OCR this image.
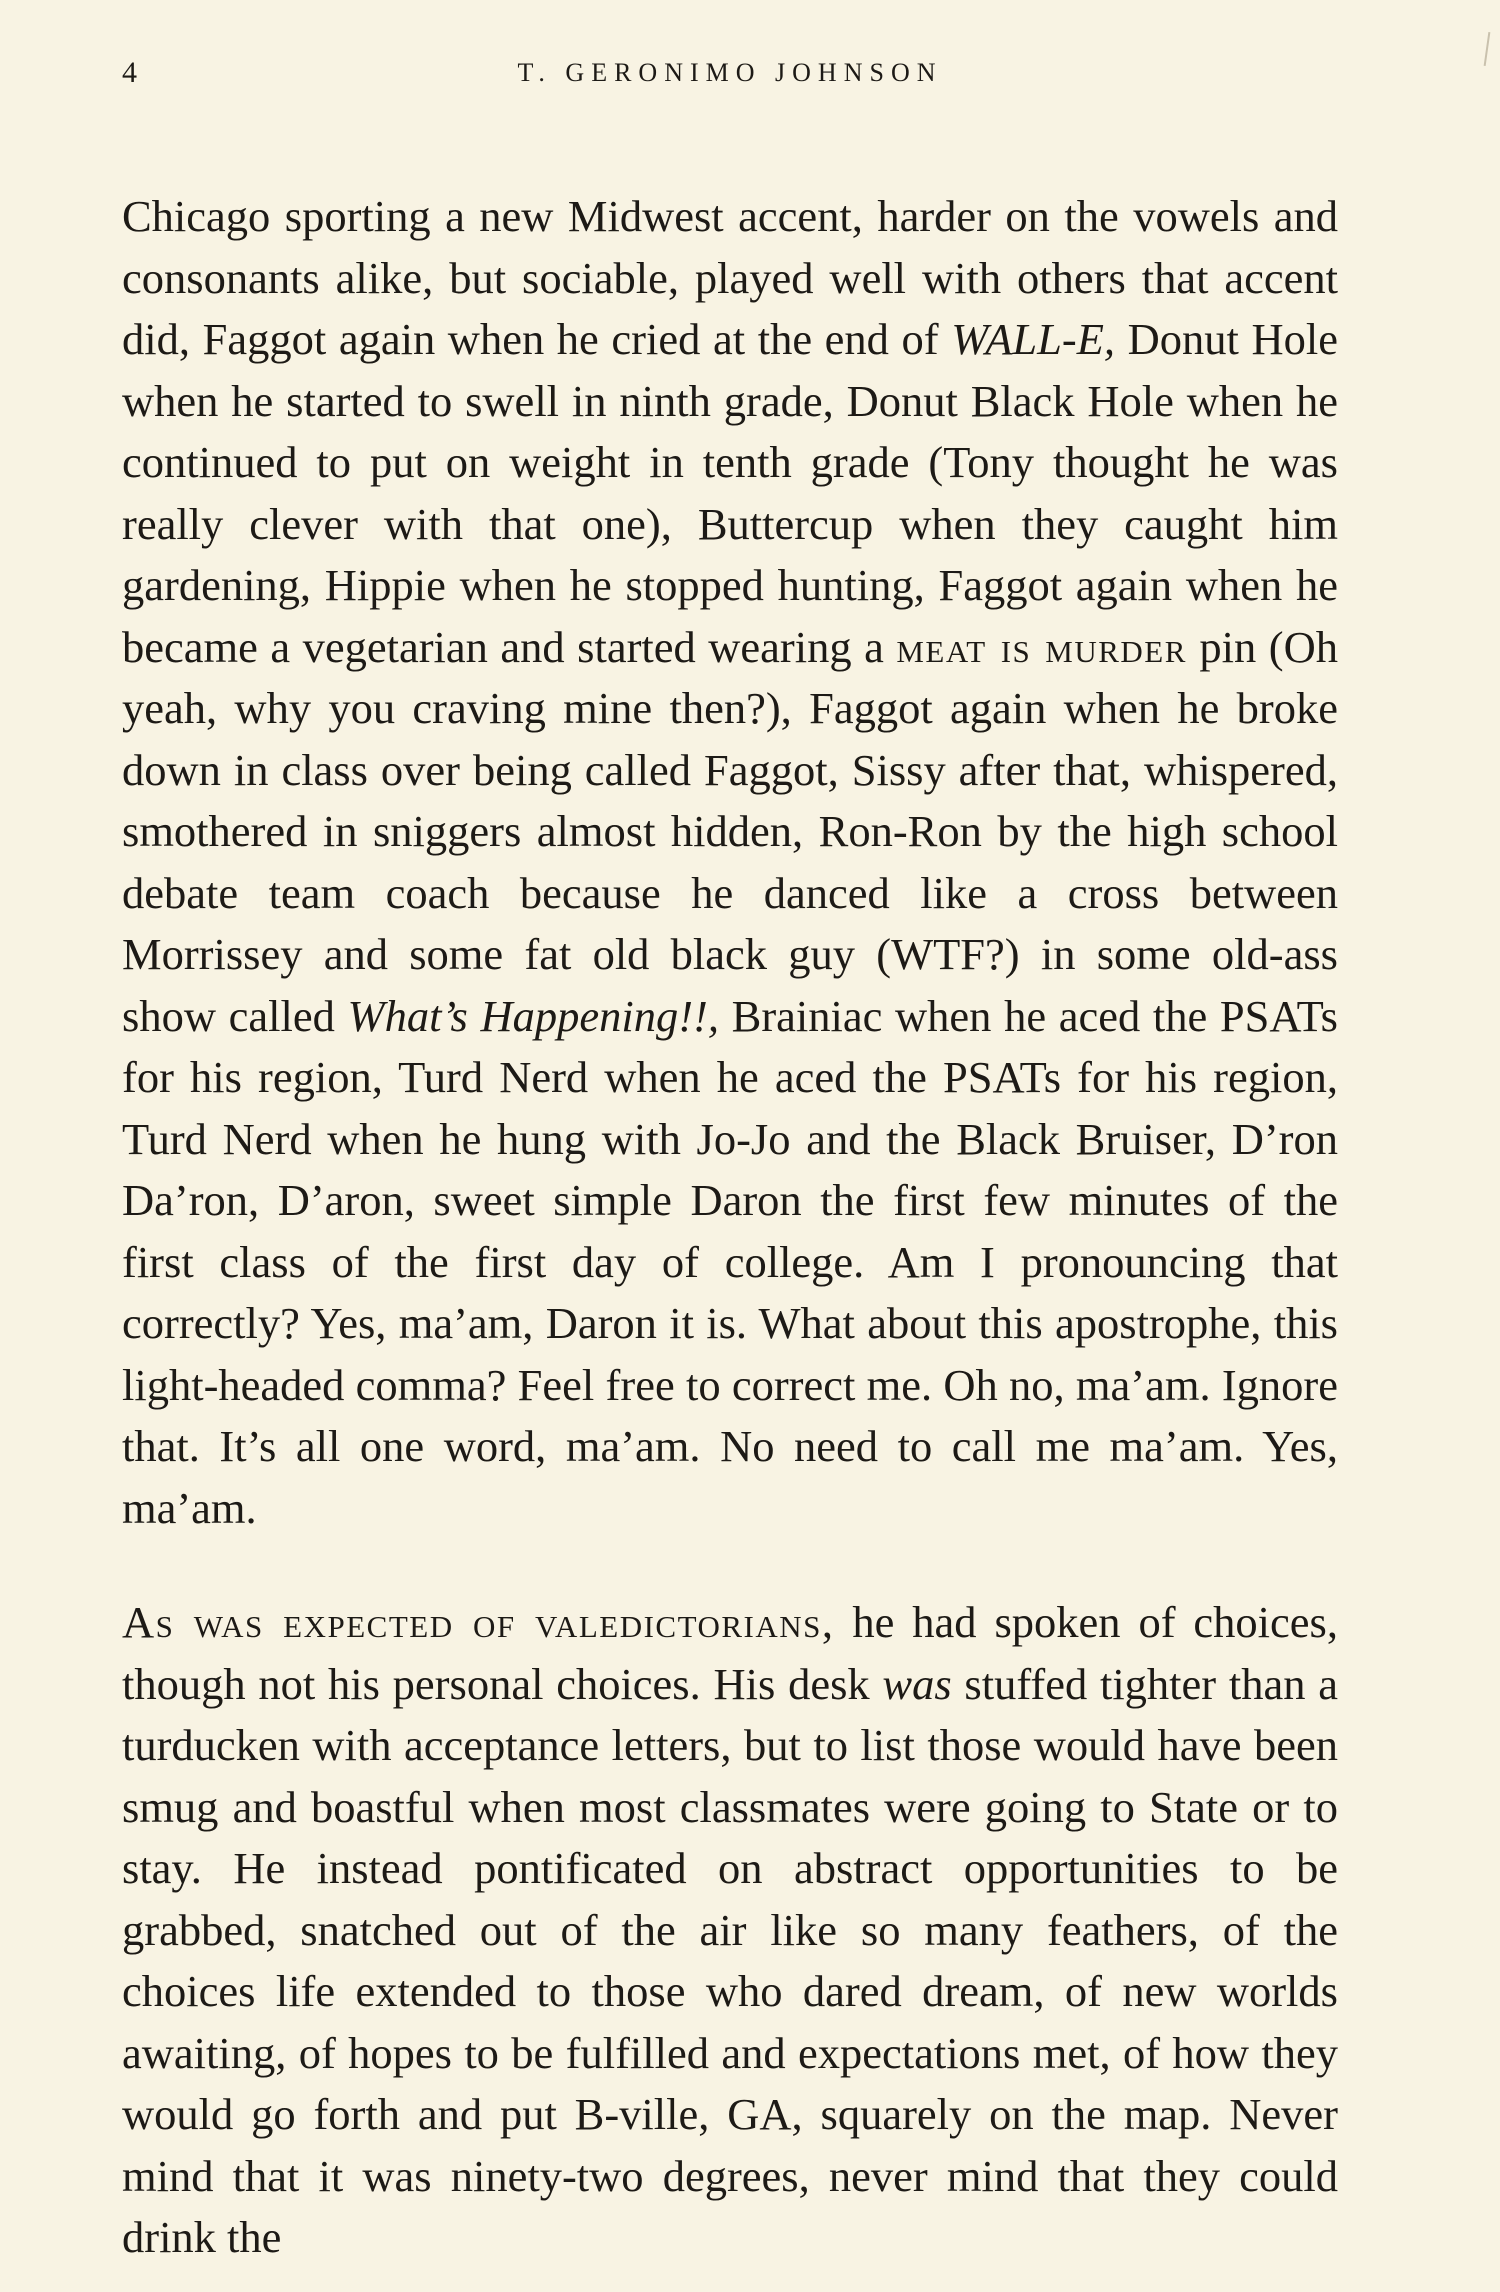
4	T. GERONIMO JOHNSON

Chicago sporting a new Midwest accent, harder on the vowels and consonants alike, but sociable, played well with others that accent did, Faggot again when he cried at the end of WALL-E, Donut Hole when he started to swell in ninth grade, Donut Black Hole when he continued to put on weight in tenth grade (Tony thought he was really clever with that one), Buttercup when they caught him gardening, Hippie when he stopped hunting, Faggot again when he became a vegetarian and started wearing a meat is murder pin (Oh yeah, why you craving mine then?), Faggot again when he broke down in class over being called Faggot, Sissy after that, whispered, smothered in sniggers almost hidden, Ron-Ron by the high school debate team coach because he danced like a cross between Morrissey and some fat old black guy (WTF?) in some old-ass show called What’s Happening!!, Brainiac when he aced the PSATs for his region, Turd Nerd when he aced the PSATs for his region, Turd Nerd when he hung with Jo-Jo and the Black Bruiser, D’ron Da’ron, D’aron, sweet simple Daron the first few minutes of the first class of the first day of college. Am I pronouncing that correctly? Yes, ma’am, Daron it is. What about this apostrophe, this light-headed comma? Feel free to correct me. Oh no, ma’am. Ignore that. It’s all one word, ma’am. No need to call me ma’am. Yes, ma’am.

As was expected of valedictorians, he had spoken of choices, though not his personal choices. His desk was stuffed tighter than a turducken with acceptance letters, but to list those would have been smug and boastful when most classmates were going to State or to stay. He instead pontificated on abstract opportunities to be grabbed, snatched out of the air like so many feathers, of the choices life extended to those who dared dream, of new worlds awaiting, of hopes to be fulfilled and expectations met, of how they would go forth and put B-ville, GA, squarely on the map. Never mind that it was ninety-two degrees, never mind that they could drink the
